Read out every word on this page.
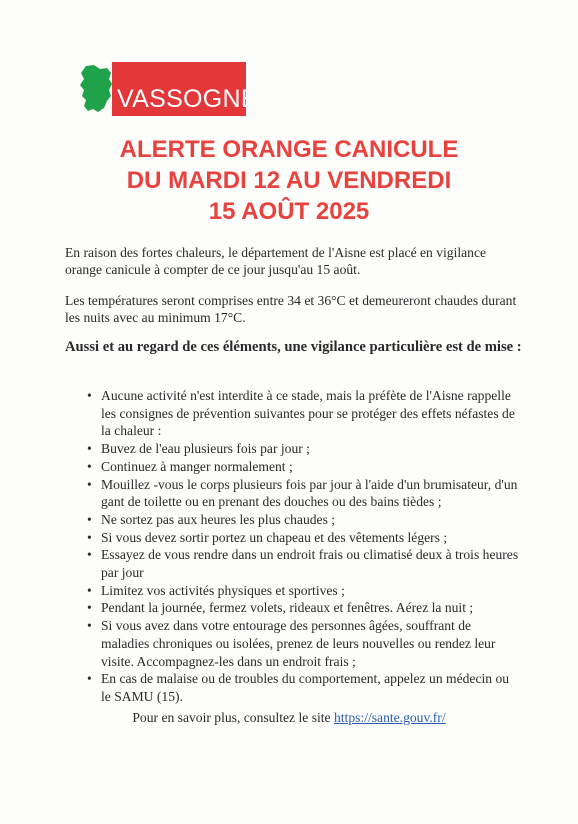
VASSOGNE
ALERTE ORANGE CANICULE
DU MARDI 12 AU VENDREDI
15 AOÛT 2025

En raison des fortes chaleurs, le département de l'Aisne est placé en vigilance orange canicule à compter de ce jour jusqu'au 15 août.

Les températures seront comprises entre 34 et 36°C et demeureront chaudes durant les nuits avec au minimum 17°C.

Aussi et au regard de ces éléments, une vigilance particulière est de mise :

• Aucune activité n'est interdite à ce stade, mais la préfète de l'Aisne rappelle les consignes de prévention suivantes pour se protéger des effets néfastes de la chaleur :
• Buvez de l'eau plusieurs fois par jour ;
• Continuez à manger normalement ;
• Mouillez -vous le corps plusieurs fois par jour à l'aide d'un brumisateur, d'un gant de toilette ou en prenant des douches ou des bains tièdes ;
• Ne sortez pas aux heures les plus chaudes ;
• Si vous devez sortir portez un chapeau et des vêtements légers ;
• Essayez de vous rendre dans un endroit frais ou climatisé deux à trois heures par jour
• Limitez vos activités physiques et sportives ;
• Pendant la journée, fermez volets, rideaux et fenêtres. Aérez la nuit ;
• Si vous avez dans votre entourage des personnes âgées, souffrant de maladies chroniques ou isolées, prenez de leurs nouvelles ou rendez leur visite. Accompagnez-les dans un endroit frais ;
• En cas de malaise ou de troubles du comportement, appelez un médecin ou le SAMU (15).
Pour en savoir plus, consultez le site https://sante.gouv.fr/
